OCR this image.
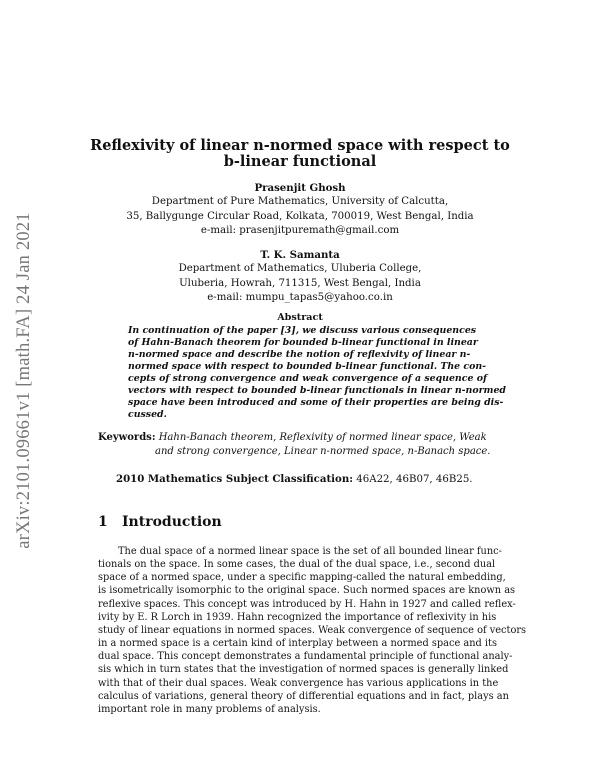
arXiv:2101.09661v1 [math.FA] 24 Jan 2021
Reflexivity of linear n-normed space with respect to
b-linear functional
Prasenjit Ghosh
Department of Pure Mathematics, University of Calcutta,
35, Ballygunge Circular Road, Kolkata, 700019, West Bengal, India
e-mail: prasenjitpuremath@gmail.com
T. K. Samanta
Department of Mathematics, Uluberia College,
Uluberia, Howrah, 711315, West Bengal, India
e-mail: mumpu_tapas5@yahoo.co.in
Abstract
In continuation of the paper [3], we discuss various consequences
of Hahn-Banach theorem for bounded b-linear functional in linear
n-normed space and describe the notion of reflexivity of linear n-
normed space with respect to bounded b-linear functional. The con-
cepts of strong convergence and weak convergence of a sequence of
vectors with respect to bounded b-linear functionals in linear n-normed
space have been introduced and some of their properties are being dis-
cussed.
Keywords: Hahn-Banach theorem, Reflexivity of normed linear space, Weak
and strong convergence, Linear n-normed space, n-Banach space.
2010 Mathematics Subject Classification: 46A22, 46B07, 46B25.
1 Introduction
The dual space of a normed linear space is the set of all bounded linear func-
tionals on the space. In some cases, the dual of the dual space, i.e., second dual
space of a normed space, under a specific mapping-called the natural embedding,
is isometrically isomorphic to the original space. Such normed spaces are known as
reflexive spaces. This concept was introduced by H. Hahn in 1927 and called reflex-
ivity by E. R Lorch in 1939. Hahn recognized the importance of reflexivity in his
study of linear equations in normed spaces. Weak convergence of sequence of vectors
in a normed space is a certain kind of interplay between a normed space and its
dual space. This concept demonstrates a fundamental principle of functional analy-
sis which in turn states that the investigation of normed spaces is generally linked
with that of their dual spaces. Weak convergence has various applications in the
calculus of variations, general theory of differential equations and in fact, plays an
important role in many problems of analysis.
